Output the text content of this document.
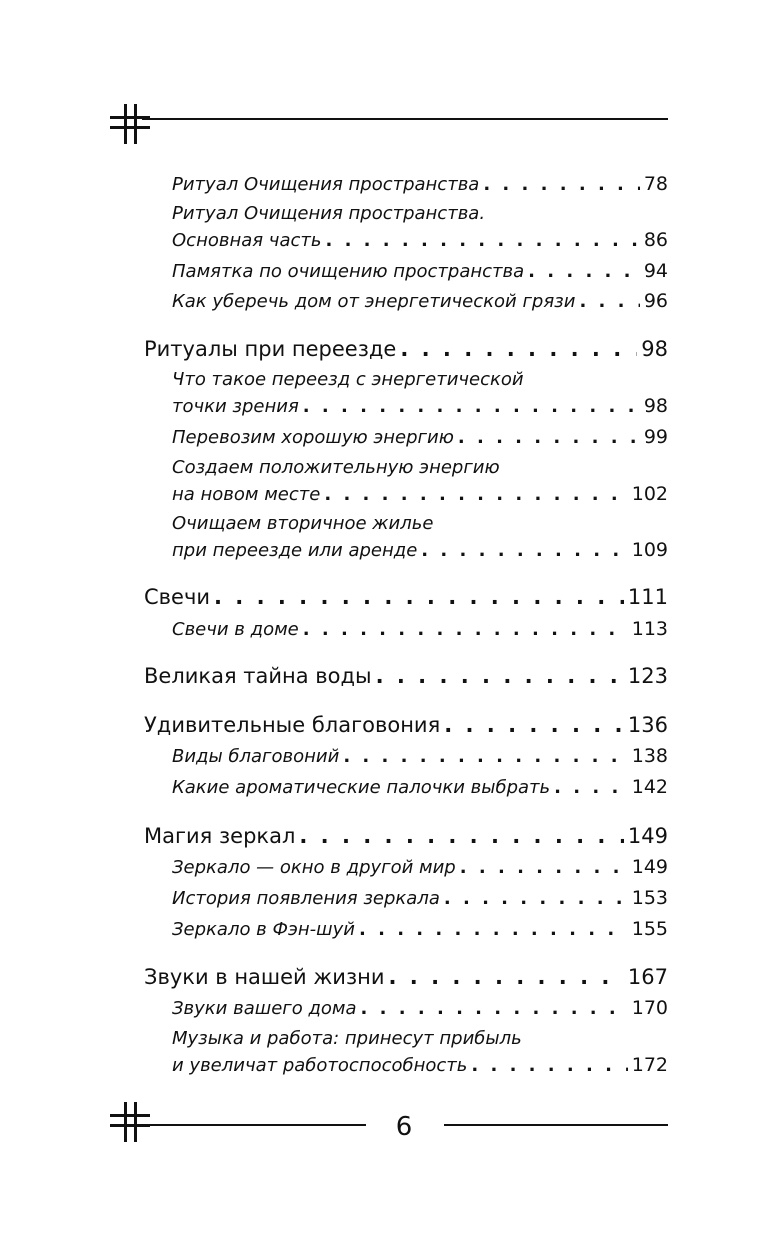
Ритуал Очищения пространства . . .	78
Ритуал Очищения пространства.
Основная часть . . .	86
Памятка по очищению пространства . . .	94
Как уберечь дом от энергетической грязи . . .	96
Ритуалы при переезде . . .	98
Что такое переезд с энергетической
точки зрения . . .	98
Перевозим хорошую энергию . . .	99
Создаем положительную энергию
на новом месте . . .	102
Очищаем вторичное жилье
при переезде или аренде . . .	109
Свечи . . .	111
Свечи в доме . . .	113
Великая тайна воды . . .	123
Удивительные благовония . . .	136
Виды благовоний . . .	138
Какие ароматические палочки выбрать . . .	142
Магия зеркал . . .	149
Зеркало — окно в другой мир . . .	149
История появления зеркала . . .	153
Зеркало в Фэн-шуй . . .	155
Звуки в нашей жизни . . .	167
Звуки вашего дома . . .	170
Музыка и работа: принесут прибыль
и увеличат работоспособность . . .	172
6
